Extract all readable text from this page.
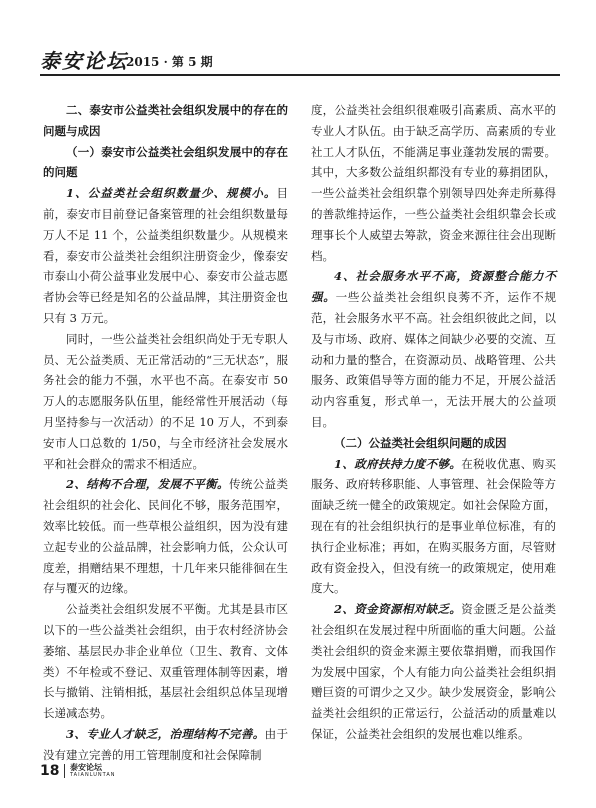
泰安论坛
2015 · 第 5 期

二、泰安市公益类社会组织发展中的存在的问题与成因

（一）泰安市公益类社会组织发展中的存在的问题

1、公益类社会组织数量少、规模小。目前，泰安市目前登记备案管理的社会组织数量每万人不足 11 个，公益类组织数量少。从规模来看，泰安市公益类社会组织注册资金少，像泰安市泰山小荷公益事业发展中心、泰安市公益志愿者协会等已经是知名的公益品牌，其注册资金也只有 3 万元。

同时，一些公益类社会组织尚处于无专职人员、无公益类质、无正常活动的“三无状态”，服务社会的能力不强，水平也不高。在泰安市 50 万人的志愿服务队伍里，能经常性开展活动（每月坚持参与一次活动）的不足 10 万人，不到泰安市人口总数的 1/50，与全市经济社会发展水平和社会群众的需求不相适应。

2、结构不合理，发展不平衡。传统公益类社会组织的社会化、民间化不够，服务范围窄，效率比较低。而一些草根公益组织，因为没有建立起专业的公益品牌，社会影响力低，公众认可度差，捐赠结果不理想，十几年来只能徘徊在生存与覆灭的边缘。

公益类社会组织发展不平衡。尤其是县市区以下的一些公益类社会组织，由于农村经济协会萎缩、基层民办非企业单位（卫生、教育、文体类）不年检或不登记、双重管理体制等因素，增长与撤销、注销相抵，基层社会组织总体呈现增长递减态势。

3、专业人才缺乏，治理结构不完善。由于没有建立完善的用工管理制度和社会保障制

度，公益类社会组织很难吸引高素质、高水平的专业人才队伍。由于缺乏高学历、高素质的专业社工人才队伍，不能满足事业蓬勃发展的需要。其中，大多数公益组织都没有专业的募捐团队，一些公益类社会组织靠个别领导四处奔走所募得的善款维持运作，一些公益类社会组织靠会长或理事长个人威望去筹款，资金来源往往会出现断档。

4、社会服务水平不高，资源整合能力不强。一些公益类社会组织良莠不齐，运作不规范，社会服务水平不高。社会组织彼此之间，以及与市场、政府、媒体之间缺少必要的交流、互动和力量的整合，在资源动员、战略管理、公共服务、政策倡导等方面的能力不足，开展公益活动内容重复，形式单一，无法开展大的公益项目。

（二）公益类社会组织问题的成因

1、政府扶持力度不够。在税收优惠、购买服务、政府转移职能、人事管理、社会保险等方面缺乏统一健全的政策规定。如社会保险方面，现在有的社会组织执行的是事业单位标准，有的执行企业标准；再如，在购买服务方面，尽管财政有资金投入，但没有统一的政策规定，使用难度大。

2、资金资源相对缺乏。资金匮乏是公益类社会组织在发展过程中所面临的重大问题。公益类社会组织的资金来源主要依靠捐赠，而我国作为发展中国家，个人有能力向公益类社会组织捐赠巨资的可谓少之又少。缺少发展资金，影响公益类社会组织的正常运行，公益活动的质量难以保证，公益类社会组织的发展也难以维系。

18 泰安论坛
TAIANLUNTAN
